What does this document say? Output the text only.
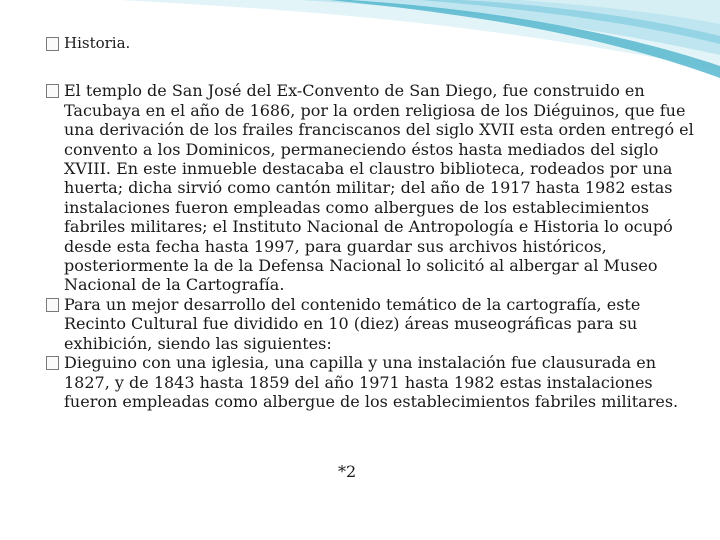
Historia.

El templo de San José del Ex-Convento de San Diego, fue construido en Tacubaya en el año de 1686, por la orden religiosa de los Diéguinos, que fue una derivación de los frailes franciscanos del siglo XVII esta orden entregó el convento a los Dominicos, permaneciendo éstos hasta mediados del siglo XVIII. En este inmueble destacaba el claustro biblioteca, rodeados por una huerta; dicha sirvió como cantón militar; del año de 1917 hasta 1982 estas instalaciones fueron empleadas como albergues de los establecimientos fabriles militares; el Instituto Nacional de Antropología e Historia lo ocupó desde esta fecha hasta 1997, para guardar sus archivos históricos, posteriormente la de la Defensa Nacional lo solicitó al albergar al Museo Nacional de la Cartografía.

Para un mejor desarrollo del contenido temático de la cartografía, este Recinto Cultural fue dividido en 10 (diez) áreas museográficas para su exhibición, siendo las siguientes:

Dieguino con una iglesia, una capilla y una instalación fue clausurada en 1827, y de 1843 hasta 1859 del año 1971 hasta 1982 estas instalaciones fueron empleadas como albergue de los establecimientos fabriles militares.

*2
